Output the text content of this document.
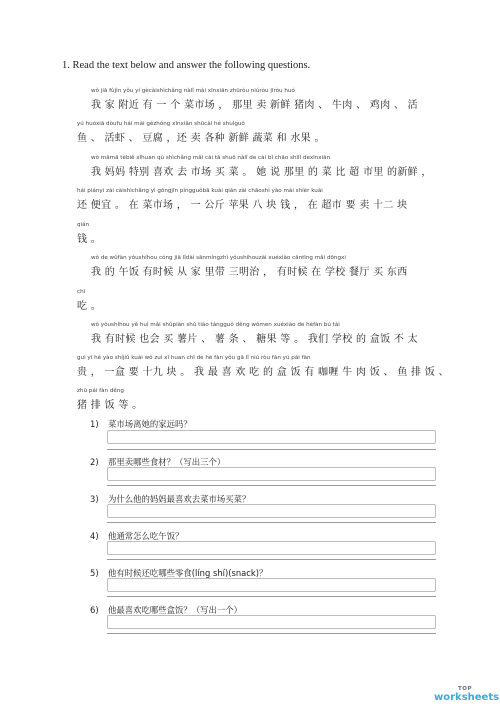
1. Read the text below and answer the following questions.
wǒ jiā fùjìn yǒu yí gècàishìchǎng nàlǐ mài xīnxiān zhūròu niúròu jīròu huó
我 家 附近 有 一 个 菜市场 ， 那里 卖 新鲜 猪肉 、 牛肉 、 鸡肉 、 活
yú huóxiā dòufu hái mài gèzhǒng xīnxiān shūcài hé shuǐguǒ
鱼 、 活虾 、 豆腐 ，还 卖 各种 新鲜 蔬菜 和 水果 。
wǒ māmā tèbiě xǐhuan qù shìchǎng mǎi cài tā shuō nàlǐ de cài bǐ chāo shìlǐ dexīnxiān
我 妈妈 特别 喜欢 去 市场 买 菜 。 她 说 那里 的 菜 比 超 市里 的新鲜 ，
hái piányi zài càishìchǎng yì gōngjīn píngguǒbā kuài qián zài chāoshì yào mài shíèr kuài
还 便宜 。 在 菜市场 ， 一 公斤 苹果 八 块 钱 ， 在 超市 要 卖 十二 块
qián
钱 。
wǒ de wǔfàn yǒushíhou cóng jiā lǐdài sānmíngzhì yǒushíhouzài xuéxiào cāntīng mǎi dōngxi
我 的 午饭 有时候 从 家 里带 三明治 ， 有时候 在 学校 餐厅 买 东西
chī
吃 。
wǒ yǒushíhou yě huì mǎi shǔpiàn shǔ tiáo tángguǒ děng wǒmen xuéxiào de héfàn bú tài
我 有时候 也会 买 薯片 、 薯 条 、 糖果 等 。 我们 学校 的 盒饭 不 太
guì yī hé yào shíjiǔ kuài wǒ zuì xǐ huan chī de hé fàn yǒu gā lǐ niú ròu fàn yú pái fàn
贵 ， 一盒 要 十九 块 。 我 最 喜 欢 吃 的 盒 饭 有 咖喱 牛 肉 饭 、 鱼 排 饭 、
zhū pái fàn děng
猪 排 饭 等 。
1) 菜市场离她的家远吗？
2) 那里卖哪些食材？（写出三个）
3) 为什么他的妈妈最喜欢去菜市场买菜？
4) 他通常怎么吃午饭？
5) 他有时候还吃哪些零食(líng shí)(snack)？
6) 他最喜欢吃哪些盒饭？（写出一个）
TOP
worksheets
